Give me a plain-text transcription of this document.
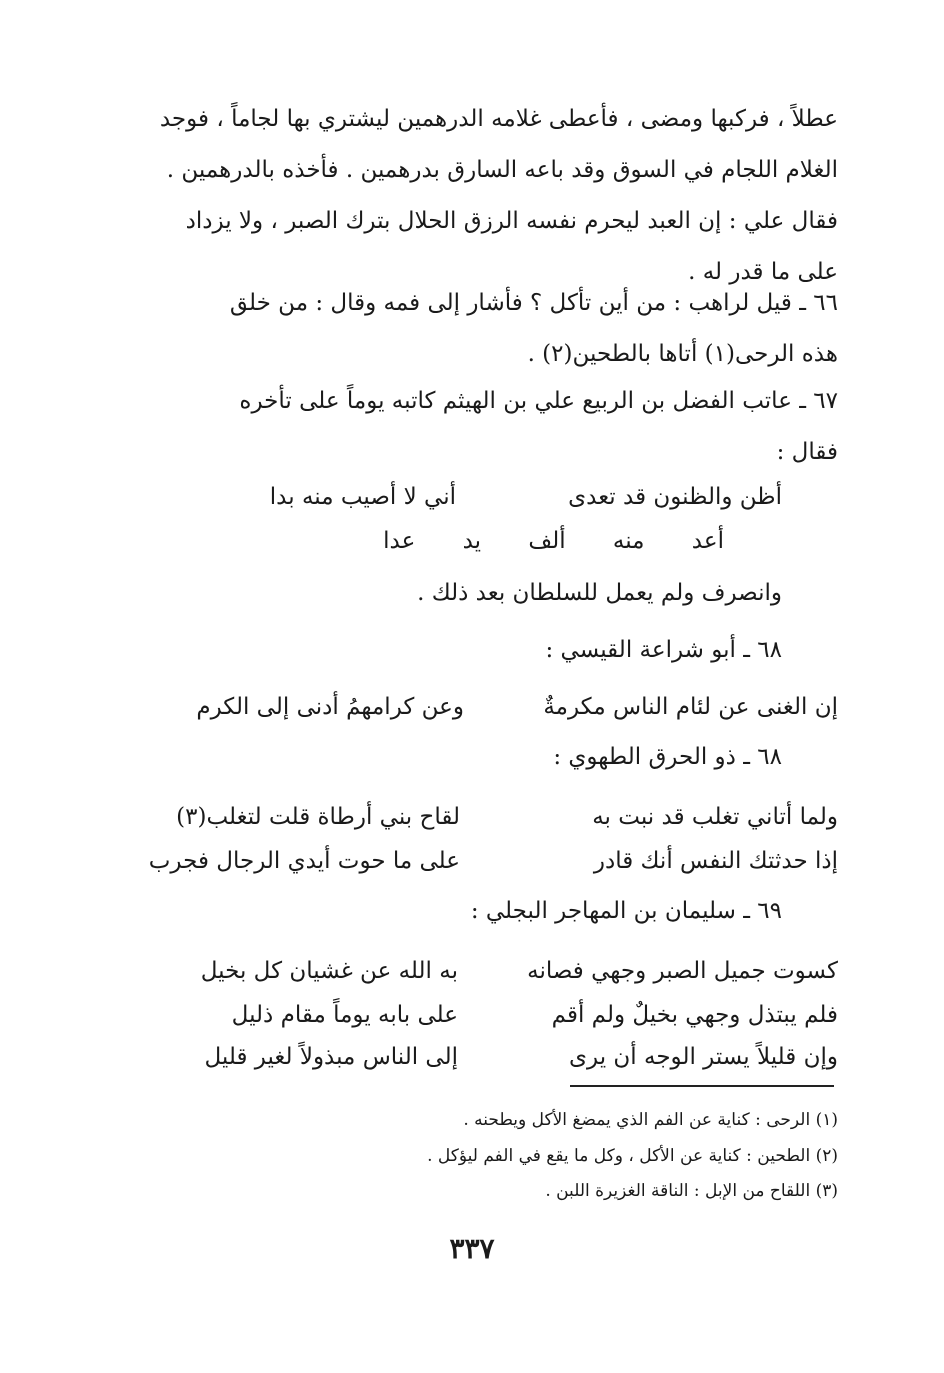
عطلاً ، فركبها ومضى ، فأعطى غلامه الدرهمين ليشتري بها لجاماً ، فوجد

الغلام اللجام في السوق وقد باعه السارق بدرهمين . فأخذه بالدرهمين .

فقال علي : إن العبد ليحرم نفسه الرزق الحلال بترك الصبر ، ولا يزداد

على ما قدر له .

٦٦ ـ قيل لراهب : من أين تأكل ؟ فأشار إلى فمه وقال : من خلق

هذه الرحى(١) أتاها بالطحين(٢) .

٦٧ ـ عاتب الفضل بن الربيع علي بن الهيثم كاتبه يوماً على تأخره

فقال :

أظن والظنون قد تعدى
أني لا أصيب منه بدا
أعد منه ألف يد عدا
وانصرف ولم يعمل للسلطان بعد ذلك .
٦٨ ـ أبو شراعة القيسي :
إن الغنى عن لئام الناس مكرمةٌ
وعن كرامهمُ أدنى إلى الكرم
٦٨ ـ ذو الحرق الطهوي :
ولما أتاني تغلب قد نبت به
لقاح بني أرطاة قلت لتغلب(٣)
إذا حدثتك النفس أنك قادر
على ما حوت أيدي الرجال فجرب
٦٩ ـ سليمان بن المهاجر البجلي :
كسوت جميل الصبر وجهي فصانه
به الله عن غشيان كل بخيل
فلم يبتذل وجهي بخيلٌ ولم أقم
على بابه يوماً مقام ذليل
وإن قليلاً يستر الوجه أن يرى
إلى الناس مبذولاً لغير قليل
(١) الرحى : كناية عن الفم الذي يمضغ الأكل ويطحنه .
(٢) الطحين : كناية عن الأكل ، وكل ما يقع في الفم ليؤكل .
(٣) اللقاح من الإبل : الناقة الغزيرة اللبن .
٣٣٧
